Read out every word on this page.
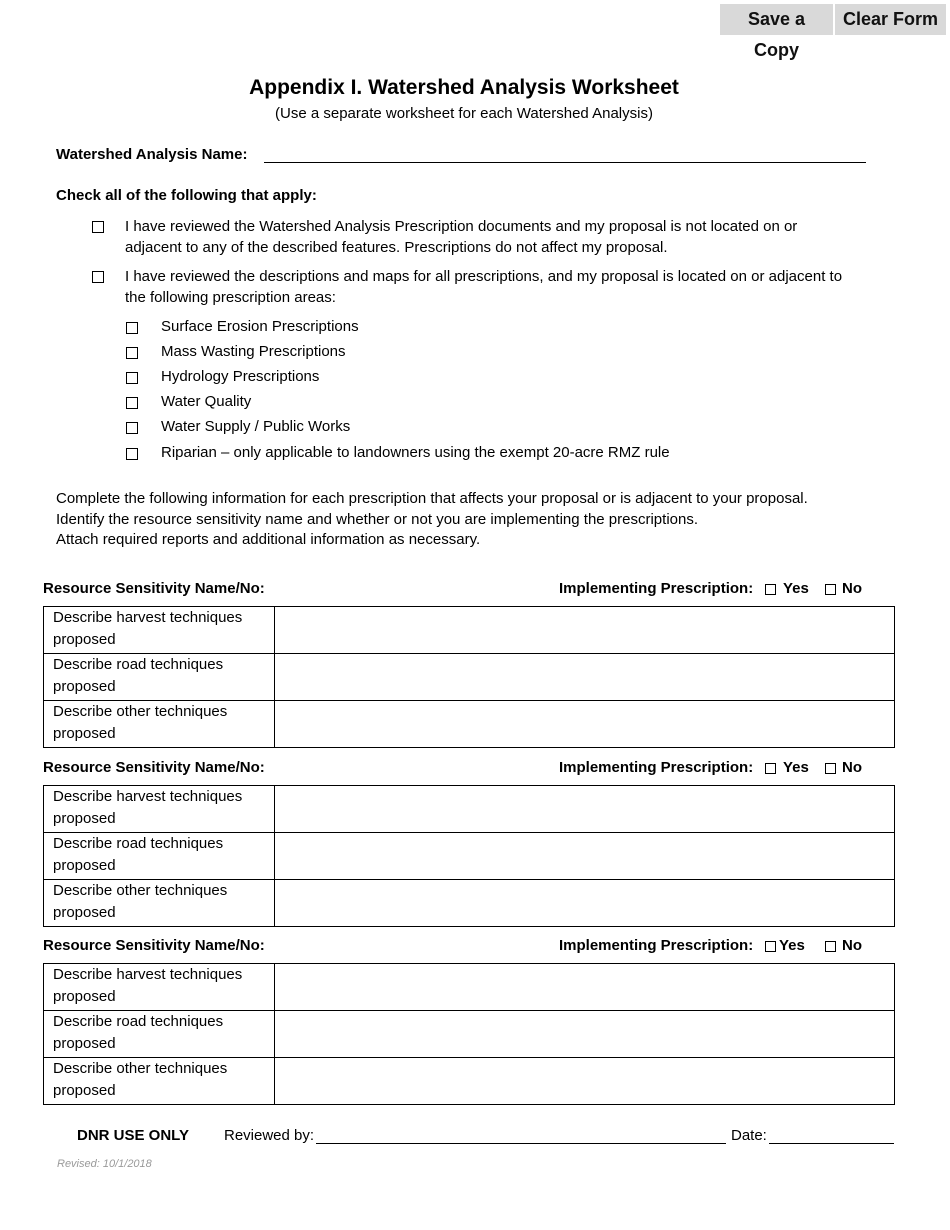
Save a Copy
Clear Form
Appendix I. Watershed Analysis Worksheet
(Use a separate worksheet for each Watershed Analysis)
Watershed Analysis Name:
Check all of the following that apply:
I have reviewed the Watershed Analysis Prescription documents and my proposal is not located on or
adjacent to any of the described features. Prescriptions do not affect my proposal.
I have reviewed the descriptions and maps for all prescriptions, and my proposal is located on or adjacent to
the following prescription areas:
Surface Erosion Prescriptions
Mass Wasting Prescriptions
Hydrology Prescriptions
Water Quality
Water Supply / Public Works
Riparian – only applicable to landowners using the exempt 20-acre RMZ rule
Complete the following information for each prescription that affects your proposal or is adjacent to your proposal.
Identify the resource sensitivity name and whether or not you are implementing the prescriptions.
Attach required reports and additional information as necessary.
Resource Sensitivity Name/No:	Implementing Prescription: Yes No
Describe harvest techniques
proposed	

Describe road techniques
proposed	

Describe other techniques
proposed	

Resource Sensitivity Name/No:	Implementing Prescription: Yes No
Describe harvest techniques
proposed	

Describe road techniques
proposed	

Describe other techniques
proposed	

Resource Sensitivity Name/No:	Implementing Prescription: Yes No
Describe harvest techniques
proposed	

Describe road techniques
proposed	

Describe other techniques
proposed	

DNR USE ONLY Reviewed by:	Date:
Revised: 10/1/2018
